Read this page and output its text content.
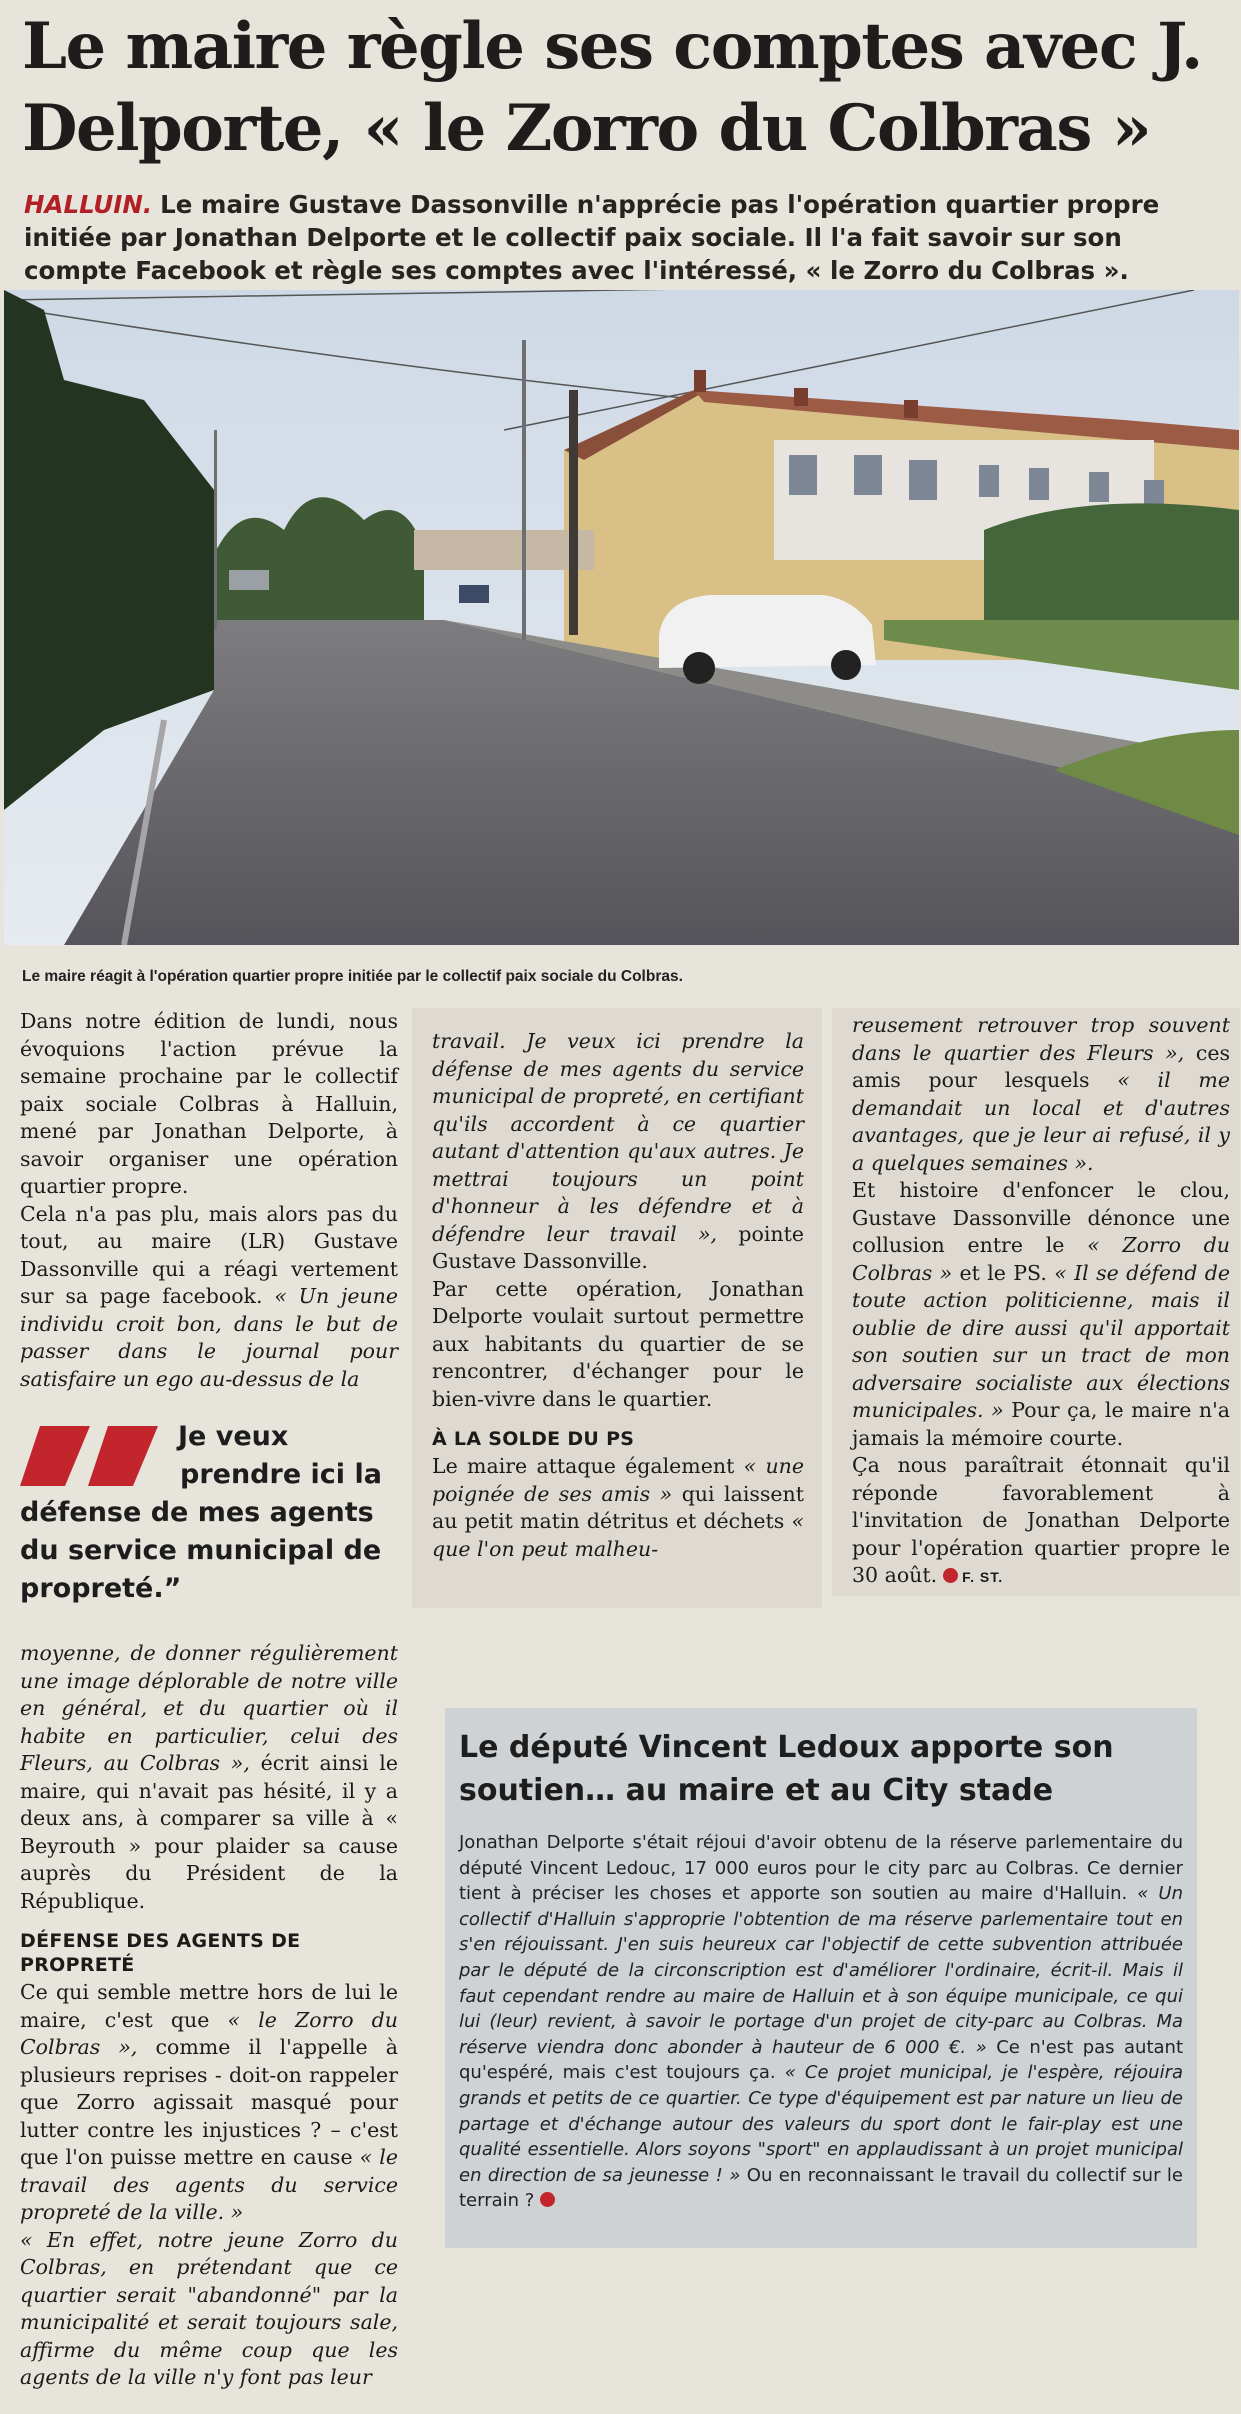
Le maire règle ses comptes avec J. Delporte, « le Zorro du Colbras »

HALLUIN. Le maire Gustave Dassonville n'apprécie pas l'opération quartier propre initiée par Jonathan Delporte et le collectif paix sociale. Il l'a fait savoir sur son compte Facebook et règle ses comptes avec l'intéressé, « le Zorro du Colbras ».

Le maire réagit à l'opération quartier propre initiée par le collectif paix sociale du Colbras.

Dans notre édition de lundi, nous évoquions l'action prévue la semaine prochaine par le collectif paix sociale Colbras à Halluin, mené par Jonathan Delporte, à savoir organiser une opération quartier propre.

Cela n'a pas plu, mais alors pas du tout, au maire (LR) Gustave Dassonville qui a réagi vertement sur sa page facebook. « Un jeune individu croit bon, dans le but de passer dans le journal pour satisfaire un ego au-dessus de la

Je veux
prendre ici la
défense de mes agents du service municipal de propreté.”

moyenne, de donner régulièrement une image déplorable de notre ville en général, et du quartier où il habite en particulier, celui des Fleurs, au Colbras », écrit ainsi le maire, qui n'avait pas hésité, il y a deux ans, à comparer sa ville à « Beyrouth » pour plaider sa cause auprès du Président de la République.

DÉFENSE DES AGENTS DE PROPRETÉ

Ce qui semble mettre hors de lui le maire, c'est que « le Zorro du Colbras », comme il l'appelle à plusieurs reprises - doit-on rappeler que Zorro agissait masqué pour lutter contre les injustices ? – c'est que l'on puisse mettre en cause « le travail des agents du service propreté de la ville. »

« En effet, notre jeune Zorro du Colbras, en prétendant que ce quartier serait "abandonné" par la municipalité et serait toujours sale, affirme du même coup que les agents de la ville n'y font pas leur

travail. Je veux ici prendre la défense de mes agents du service municipal de propreté, en certifiant qu'ils accordent à ce quartier autant d'attention qu'aux autres. Je mettrai toujours un point d'honneur à les défendre et à défendre leur travail », pointe Gustave Dassonville.

Par cette opération, Jonathan Delporte voulait surtout permettre aux habitants du quartier de se rencontrer, d'échanger pour le bien-vivre dans le quartier.

À LA SOLDE DU PS

Le maire attaque également « une poignée de ses amis » qui laissent au petit matin détritus et déchets « que l'on peut malheu-

reusement retrouver trop souvent dans le quartier des Fleurs », ces amis pour lesquels « il me demandait un local et d'autres avantages, que je leur ai refusé, il y a quelques semaines ».

Et histoire d'enfoncer le clou, Gustave Dassonville dénonce une collusion entre le « Zorro du Colbras » et le PS. « Il se défend de toute action politicienne, mais il oublie de dire aussi qu'il apportait son soutien sur un tract de mon adversaire socialiste aux élections municipales. » Pour ça, le maire n'a jamais la mémoire courte.

Ça nous paraîtrait étonnait qu'il réponde favorablement à l'invitation de Jonathan Delporte pour l'opération quartier propre le 30 août. F. ST.

Le député Vincent Ledoux apporte son soutien… au maire et au City stade

Jonathan Delporte s'était réjoui d'avoir obtenu de la réserve parlementaire du député Vincent Ledouc, 17 000 euros pour le city parc au Colbras. Ce dernier tient à préciser les choses et apporte son soutien au maire d'Halluin. « Un collectif d'Halluin s'approprie l'obtention de ma réserve parlementaire tout en s'en réjouissant. J'en suis heureux car l'objectif de cette subvention attribuée par le député de la circonscription est d'améliorer l'ordinaire, écrit-il. Mais il faut cependant rendre au maire de Halluin et à son équipe municipale, ce qui lui (leur) revient, à savoir le portage d'un projet de city-parc au Colbras. Ma réserve viendra donc abonder à hauteur de 6 000 €. » Ce n'est pas autant qu'espéré, mais c'est toujours ça. « Ce projet municipal, je l'espère, réjouira grands et petits de ce quartier. Ce type d'équipement est par nature un lieu de partage et d'échange autour des valeurs du sport dont le fair-play est une qualité essentielle. Alors soyons "sport" en applaudissant à un projet municipal en direction de sa jeunesse ! » Ou en reconnaissant le travail du collectif sur le terrain ?
